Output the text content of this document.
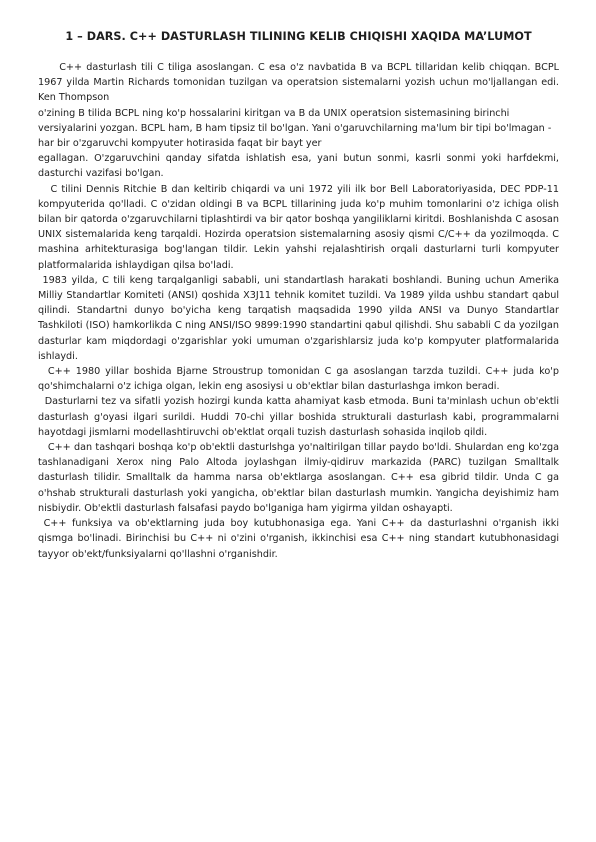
1 – DARS. C++ DASTURLASH TILINING KELIB CHIQISHI XAQIDA MA’LUMOT

C++ dasturlash tili C tiliga asoslangan. C esa o'z navbatida B va BCPL tillaridan kelib chiqqan. BCPL 1967 yilda Martin Richards tomonidan tuzilgan va operatsion sistemalarni yozish uchun mo'ljallangan edi. Ken Thompson

o'zining B tilida BCPL ning ko'p hossalarini kiritgan va B da UNIX operatsion sistemasining birinchi versiyalarini yozgan. BCPL ham, B ham tipsiz til bo'lgan. Yani o'garuvchilarning ma'lum bir tipi bo'lmagan - har bir o'zgaruvchi kompyuter hotirasida faqat bir bayt yer

egallagan. O'zgaruvchini qanday sifatda ishlatish esa, yani butun sonmi, kasrli sonmi yoki harfdekmi, dasturchi vazifasi bo'lgan.

C tilini Dennis Ritchie B dan keltirib chiqardi va uni 1972 yili ilk bor Bell Laboratoriyasida, DEC PDP-11 kompyuterida qo'lladi. C o'zidan oldingi B va BCPL tillarining juda ko'p muhim tomonlarini o'z ichiga olish bilan bir qatorda o'zgaruvchilarni tiplashtirdi va bir qator boshqa yangiliklarni kiritdi. Boshlanishda C asosan UNIX sistemalarida keng tarqaldi. Hozirda operatsion sistemalarning asosiy qismi C/C++ da yozilmoqda. C mashina arhitekturasiga bog'langan tildir. Lekin yahshi rejalashtirish orqali dasturlarni turli kompyuter platformalarida ishlaydigan qilsa bo'ladi.

1983 yilda, C tili keng tarqalganligi sababli, uni standartlash harakati boshlandi. Buning uchun Amerika Milliy Standartlar Komiteti (ANSI) qoshida X3J11 tehnik komitet tuzildi. Va 1989 yilda ushbu standart qabul qilindi. Standartni dunyo bo'yicha keng tarqatish maqsadida 1990 yilda ANSI va Dunyo Standartlar Tashkiloti (ISO) hamkorlikda C ning ANSI/ISO 9899:1990 standartini qabul qilishdi. Shu sababli C da yozilgan dasturlar kam miqdordagi o'zgarishlar yoki umuman o'zgarishlarsiz juda ko'p kompyuter platformalarida ishlaydi.

C++ 1980 yillar boshida Bjarne Stroustrup tomonidan C ga asoslangan tarzda tuzildi. C++ juda ko'p qo'shimchalarni o'z ichiga olgan, lekin eng asosiysi u ob'ektlar bilan dasturlashga imkon beradi.

Dasturlarni tez va sifatli yozish hozirgi kunda katta ahamiyat kasb etmoda. Buni ta'minlash uchun ob'ektli dasturlash g'oyasi ilgari surildi. Huddi 70-chi yillar boshida strukturali dasturlash kabi, programmalarni hayotdagi jismlarni modellashtiruvchi ob'ektlat orqali tuzish dasturlash sohasida inqilob qildi.

C++ dan tashqari boshqa ko'p ob'ektli dasturlshga yo'naltirilgan tillar paydo bo'ldi. Shulardan eng ko'zga tashlanadigani Xerox ning Palo Altoda joylashgan ilmiy-qidiruv markazida (PARC) tuzilgan Smalltalk dasturlash tilidir. Smalltalk da hamma narsa ob'ektlarga asoslangan. C++ esa gibrid tildir. Unda C ga o'hshab strukturali dasturlash yoki yangicha, ob'ektlar bilan dasturlash mumkin. Yangicha deyishimiz ham nisbiydir. Ob'ektli dasturlash falsafasi paydo bo'lganiga ham yigirma yildan oshayapti.

C++ funksiya va ob'ektlarning juda boy kutubhonasiga ega. Yani C++ da dasturlashni o'rganish ikki qismga bo'linadi. Birinchisi bu C++ ni o'zini o'rganish, ikkinchisi esa C++ ning standart kutubhonasidagi tayyor ob'ekt/funksiyalarni qo'llashni o'rganishdir.
